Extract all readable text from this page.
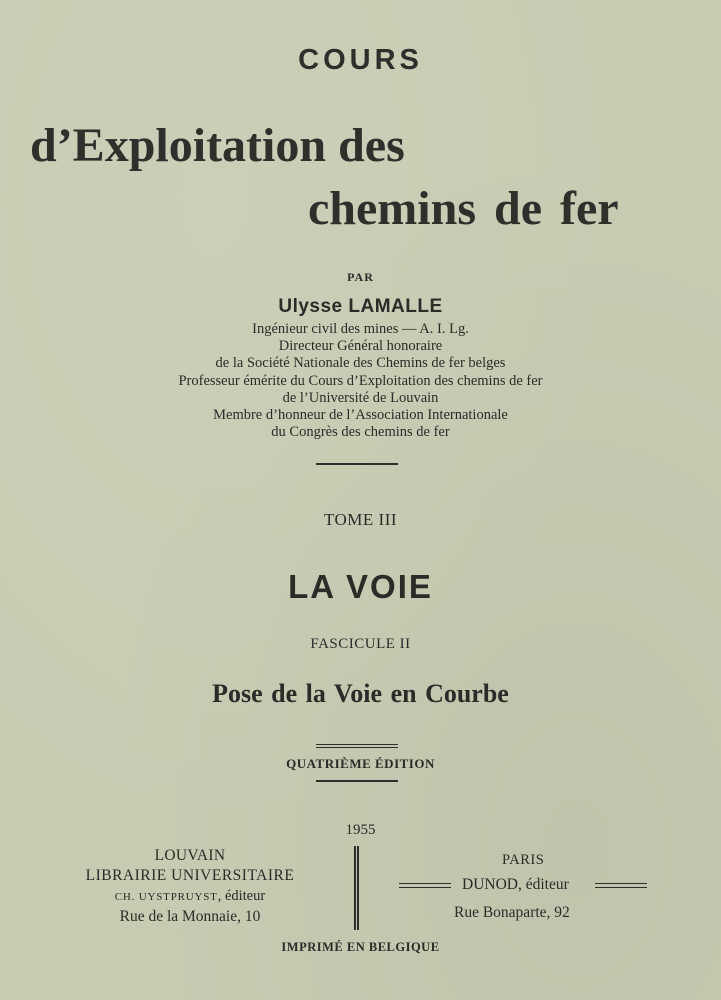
COURS
d’Exploitation des
chemins de fer
PAR
Ulysse LAMALLE
Ingénieur civil des mines — A. I. Lg.
Directeur Général honoraire
de la Société Nationale des Chemins de fer belges
Professeur émérite du Cours d’Exploitation des chemins de fer
de l’Université de Louvain
Membre d’honneur de l’Association Internationale
du Congrès des chemins de fer
TOME III
LA VOIE
FASCICULE II
Pose de la Voie en Courbe
QUATRIÈME ÉDITION
1955
LOUVAIN
LIBRAIRIE UNIVERSITAIRE
CH. UYSTPRUYST, éditeur
Rue de la Monnaie, 10
PARIS
DUNOD, éditeur
Rue Bonaparte, 92
IMPRIMÉ EN BELGIQUE
